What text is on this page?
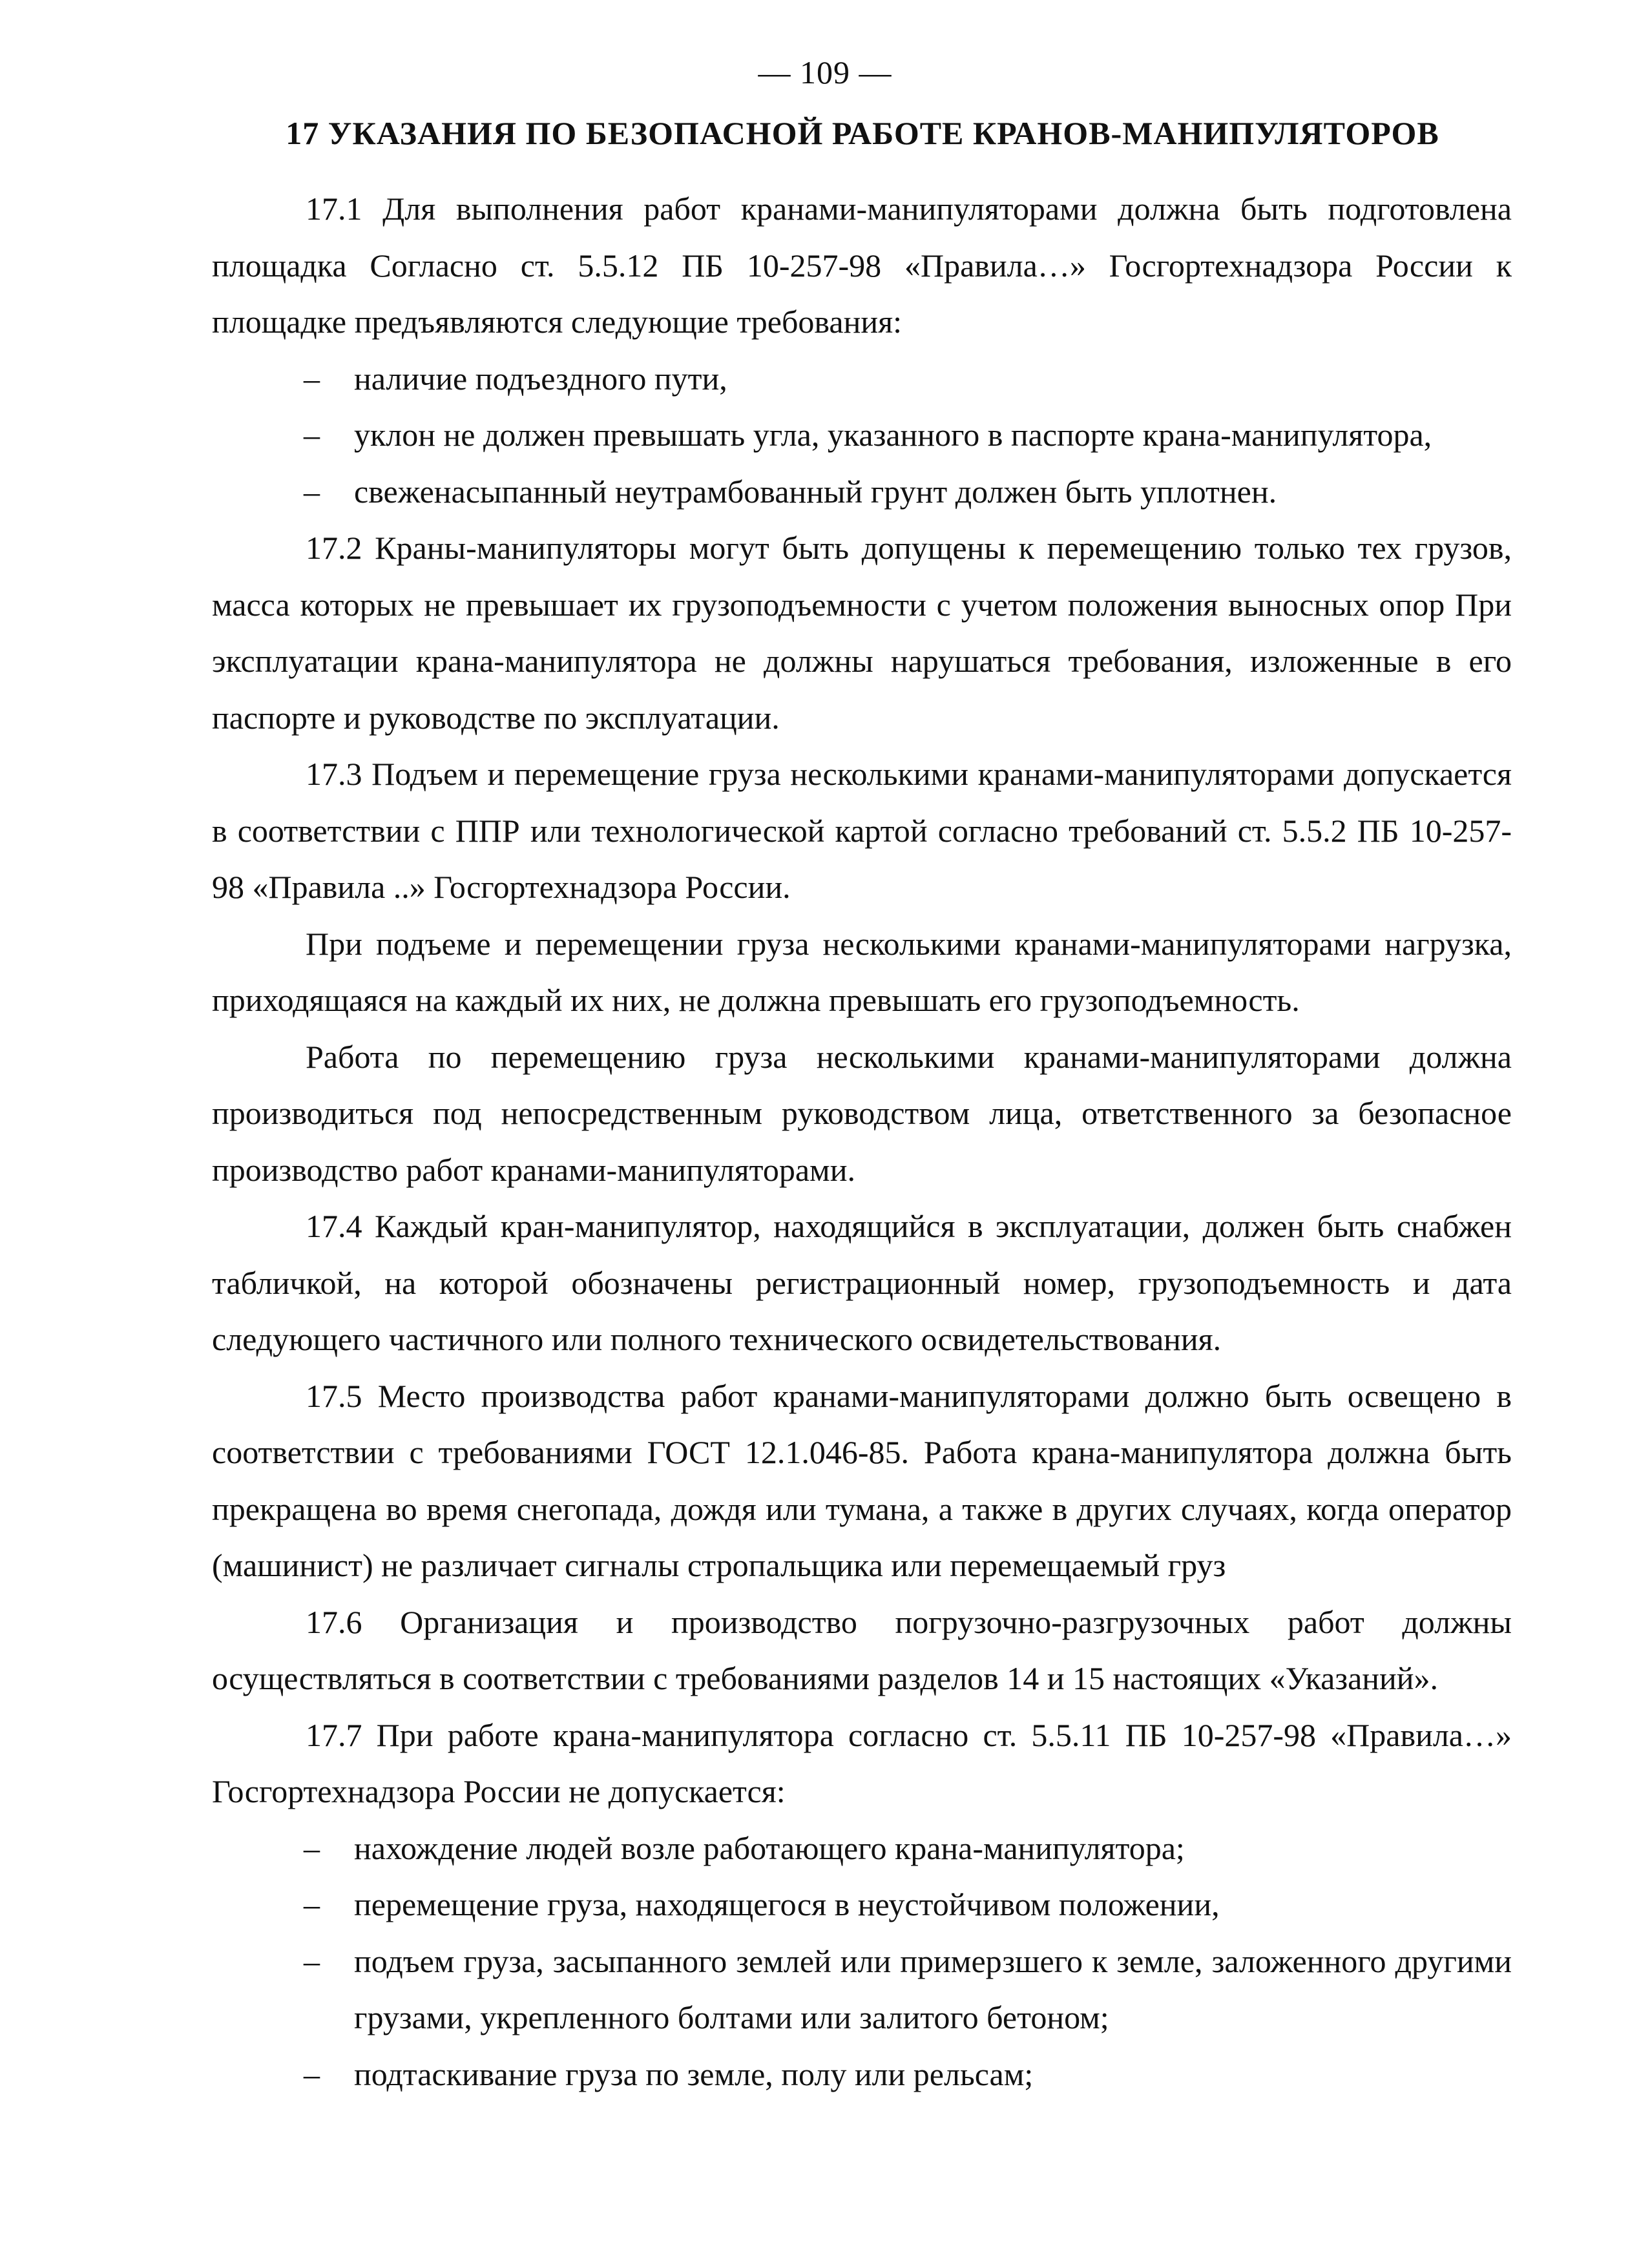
— 109 —
17 УКАЗАНИЯ ПО БЕЗОПАСНОЙ РАБОТЕ КРАНОВ-МАНИПУЛЯТОРОВ

17.1 Для выполнения работ кранами-манипуляторами должна быть подготовлена площадка Согласно ст. 5.5.12 ПБ 10-257-98 «Правила…» Госгортехнадзора России к площадке предъявляются следующие требования:

– наличие подъездного пути,

– уклон не должен превышать угла, указанного в паспорте крана-манипулятора,

– свеженасыпанный неутрамбованный грунт должен быть уплотнен.

17.2 Краны-манипуляторы могут быть допущены к перемещению только тех грузов, масса которых не превышает их грузоподъемности с учетом положения выносных опор При эксплуатации крана-манипулятора не должны нарушаться требования, изложенные в его паспорте и руководстве по эксплуатации.

17.3 Подъем и перемещение груза несколькими кранами-манипуляторами допускается в соответствии с ППР или технологической картой согласно требований ст. 5.5.2 ПБ 10-257-98 «Правила ..» Госгортехнадзора России.

При подъеме и перемещении груза несколькими кранами-манипуляторами нагрузка, приходящаяся на каждый их них, не должна превышать его грузоподъемность.

Работа по перемещению груза несколькими кранами-манипуляторами должна производиться под непосредственным руководством лица, ответственного за безопасное производство работ кранами-манипуляторами.

17.4 Каждый кран-манипулятор, находящийся в эксплуатации, должен быть снабжен табличкой, на которой обозначены регистрационный номер, грузоподъемность и дата следующего частичного или полного технического освидетельствования.

17.5 Место производства работ кранами-манипуляторами должно быть освещено в соответствии с требованиями ГОСТ 12.1.046-85. Работа крана-манипулятора должна быть прекращена во время снегопада, дождя или тумана, а также в других случаях, когда оператор (машинист) не различает сигналы стропальщика или перемещаемый груз

17.6 Организация и производство погрузочно-разгрузочных работ должны осуществляться в соответствии с требованиями разделов 14 и 15 настоящих «Указаний».

17.7 При работе крана-манипулятора согласно ст. 5.5.11 ПБ 10-257-98 «Правила…» Госгортехнадзора России не допускается:

– нахождение людей возле работающего крана-манипулятора;

– перемещение груза, находящегося в неустойчивом положении,

– подъем груза, засыпанного землей или примерзшего к земле, заложенного другими грузами, укрепленного болтами или залитого бетоном;

– подтаскивание груза по земле, полу или рельсам;
